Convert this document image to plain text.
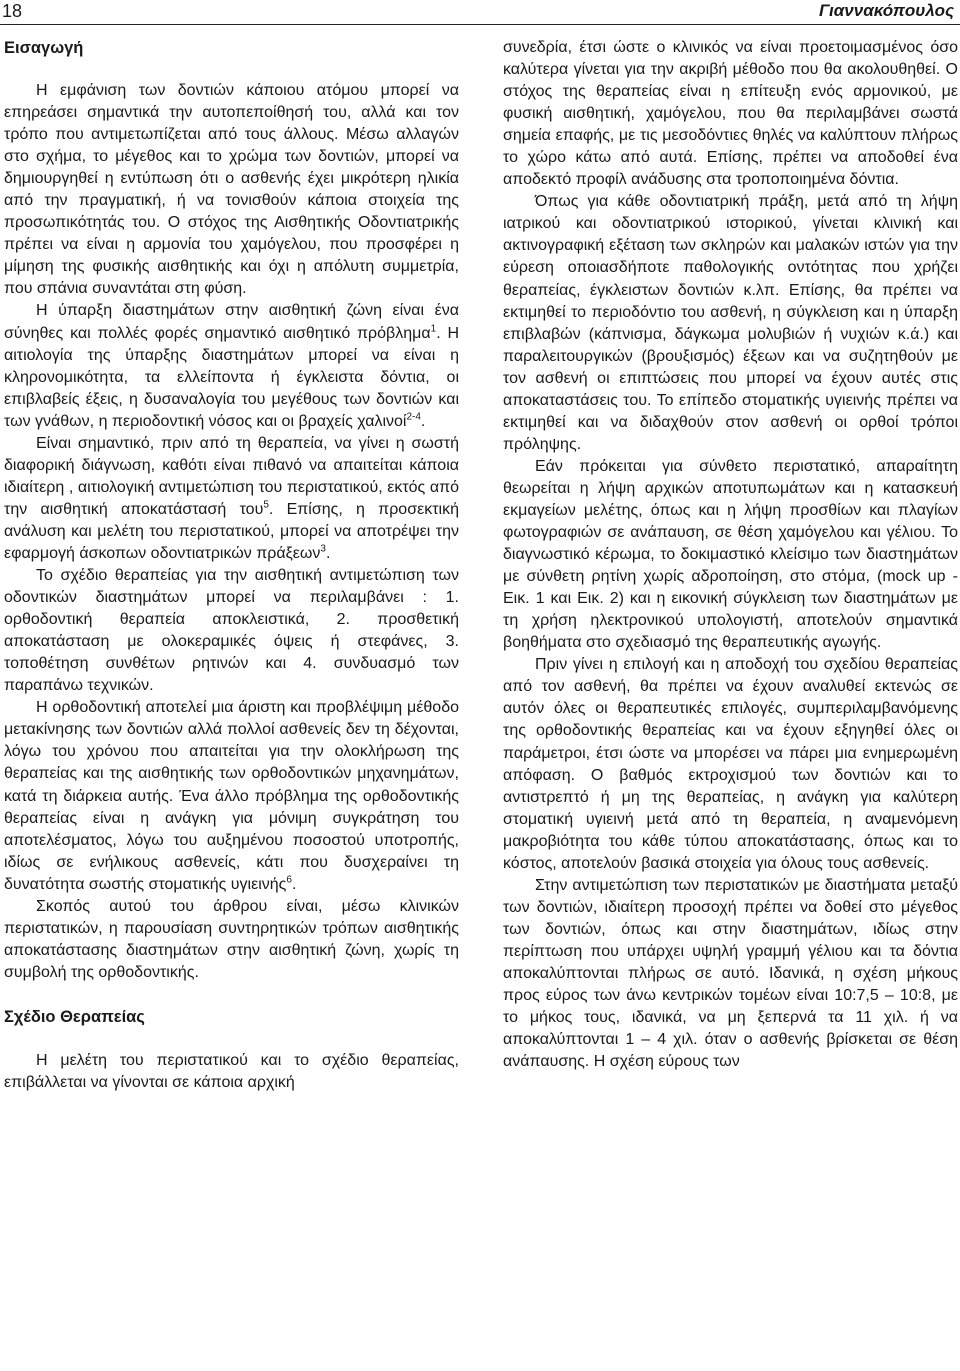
18	Γιαννακόπουλος
Εισαγωγή

Η εμφάνιση των δοντιών κάποιου ατόμου μπορεί να επηρεάσει σημαντικά την αυτοπεποίθησή του, αλλά και τον τρόπο που αντιμετωπίζεται από τους άλλους. Μέσω αλλαγών στο σχήμα, το μέγεθος και το χρώμα των δοντιών, μπορεί να δημιουργηθεί η εντύπωση ότι ο ασθενής έχει μικρότερη ηλικία από την πραγματική, ή να τονισθούν κάποια στοιχεία της προσωπικότητάς του. Ο στόχος της Αισθητικής Οδοντιατρικής πρέπει να είναι η αρμονία του χαμόγελου, που προσφέρει η μίμηση της φυσικής αισθητικής και όχι η απόλυτη συμμετρία, που σπάνια συναντάται στη φύση.

Η ύπαρξη διαστημάτων στην αισθητική ζώνη είναι ένα σύνηθες και πολλές φορές σημαντικό αισθητικό πρόβλημα$^1$. Η αιτιολογία της ύπαρξης διαστημάτων μπορεί να είναι η κληρονομικότητα, τα ελλείποντα ή έγκλειστα δόντια, οι επιβλαβείς έξεις, η δυσαναλογία του μεγέθους των δοντιών και των γνάθων, η περιοδοντική νόσος και οι βραχείς χαλινοί$^{2-4}$.

Είναι σημαντικό, πριν από τη θεραπεία, να γίνει η σωστή διαφορική διάγνωση, καθότι είναι πιθανό να απαιτείται κάποια ιδιαίτερη , αιτιολογική αντιμετώπιση του περιστατικού, εκτός από την αισθητική αποκατάστασή του$^5$. Επίσης, η προσεκτική ανάλυση και μελέτη του περιστατικού, μπορεί να αποτρέψει την εφαρμογή άσκοπων οδοντιατρικών πράξεων$^3$.

Το σχέδιο θεραπείας για την αισθητική αντιμετώπιση των οδοντικών διαστημάτων μπορεί να περιλαμβάνει : 1. ορθοδοντική θεραπεία αποκλειστικά, 2. προσθετική αποκατάσταση με ολοκεραμικές όψεις ή στεφάνες, 3. τοποθέτηση συνθέτων ρητινών και 4. συνδυασμό των παραπάνω τεχνικών.

Η ορθοδοντική αποτελεί μια άριστη και προβλέψιμη μέθοδο μετακίνησης των δοντιών αλλά πολλοί ασθενείς δεν τη δέχονται, λόγω του χρόνου που απαιτείται για την ολοκλήρωση της θεραπείας και της αισθητικής των ορθοδοντικών μηχανημάτων, κατά τη διάρκεια αυτής. Ένα άλλο πρόβλημα της ορθοδοντικής θεραπείας είναι η ανάγκη για μόνιμη συγκράτηση του αποτελέσματος, λόγω του αυξημένου ποσοστού υποτροπής, ιδίως σε ενήλικους ασθενείς, κάτι που δυσχεραίνει τη δυνατότητα σωστής στοματικής υγιεινής$^6$.

Σκοπός αυτού του άρθρου είναι, μέσω κλινικών περιστατικών, η παρουσίαση συντηρητικών τρόπων αισθητικής αποκατάστασης διαστημάτων στην αισθητική ζώνη, χωρίς τη συμβολή της ορθοδοντικής.

Σχέδιο Θεραπείας

Η μελέτη του περιστατικού και το σχέδιο θεραπείας, επιβάλλεται να γίνονται σε κάποια αρχική

συνεδρία, έτσι ώστε ο κλινικός να είναι προετοιμασμένος όσο καλύτερα γίνεται για την ακριβή μέθοδο που θα ακολουθηθεί. Ο στόχος της θεραπείας είναι η επίτευξη ενός αρμονικού, με φυσική αισθητική, χαμόγελου, που θα περιλαμβάνει σωστά σημεία επαφής, με τις μεσοδόντιες θηλές να καλύπτουν πλήρως το χώρο κάτω από αυτά. Επίσης, πρέπει να αποδοθεί ένα αποδεκτό προφίλ ανάδυσης στα τροποποιημένα δόντια.

Όπως για κάθε οδοντιατρική πράξη, μετά από τη λήψη ιατρικού και οδοντιατρικού ιστορικού, γίνεται κλινική και ακτινογραφική εξέταση των σκληρών και μαλακών ιστών για την εύρεση οποιασδήποτε παθολογικής οντότητας που χρήζει θεραπείας, έγκλειστων δοντιών κ.λπ. Επίσης, θα πρέπει να εκτιμηθεί το περιοδόντιο του ασθενή, η σύγκλειση και η ύπαρξη επιβλαβών (κάπνισμα, δάγκωμα μολυβιών ή νυχιών κ.ά.) και παραλειτουργικών (βρουξισμός) έξεων και να συζητηθούν με τον ασθενή οι επιπτώσεις που μπορεί να έχουν αυτές στις αποκαταστάσεις του. Το επίπεδο στοματικής υγιεινής πρέπει να εκτιμηθεί και να διδαχθούν στον ασθενή οι ορθοί τρόποι πρόληψης.

Εάν πρόκειται για σύνθετο περιστατικό, απαραίτητη θεωρείται η λήψη αρχικών αποτυπωμάτων και η κατασκευή εκμαγείων μελέτης, όπως και η λήψη προσθίων και πλαγίων φωτογραφιών σε ανάπαυση, σε θέση χαμόγελου και γέλιου. Το διαγνωστικό κέρωμα, το δοκιμαστικό κλείσιμο των διαστημάτων με σύνθετη ρητίνη χωρίς αδροποίηση, στο στόμα, (mock up - Εικ. 1 και Εικ. 2) και η εικονική σύγκλειση των διαστημάτων με τη χρήση ηλεκτρονικού υπολογιστή, αποτελούν σημαντικά βοηθήματα στο σχεδιασμό της θεραπευτικής αγωγής.

Πριν γίνει η επιλογή και η αποδοχή του σχεδίου θεραπείας από τον ασθενή, θα πρέπει να έχουν αναλυθεί εκτενώς σε αυτόν όλες οι θεραπευτικές επιλογές, συμπεριλαμβανόμενης της ορθοδοντικής θεραπείας και να έχουν εξηγηθεί όλες οι παράμετροι, έτσι ώστε να μπορέσει να πάρει μια ενημερωμένη απόφαση. Ο βαθμός εκτροχισμού των δοντιών και το αντιστρεπτό ή μη της θεραπείας, η ανάγκη για καλύτερη στοματική υγιεινή μετά από τη θεραπεία, η αναμενόμενη μακροβιότητα του κάθε τύπου αποκατάστασης, όπως και το κόστος, αποτελούν βασικά στοιχεία για όλους τους ασθενείς.

Στην αντιμετώπιση των περιστατικών με διαστήματα μεταξύ των δοντιών, ιδιαίτερη προσοχή πρέπει να δοθεί στο μέγεθος των δοντιών, όπως και στην διαστημάτων, ιδίως στην περίπτωση που υπάρχει υψηλή γραμμή γέλιου και τα δόντια αποκαλύπτονται πλήρως σε αυτό. Ιδανικά, η σχέση μήκους προς εύρος των άνω κεντρικών τομέων είναι 10:7,5 – 10:8, με το μήκος τους, ιδανικά, να μη ξεπερνά τα 11 χιλ. ή να αποκαλύπτονται 1 – 4 χιλ. όταν ο ασθενής βρίσκεται σε θέση ανάπαυσης. Η σχέση εύρους των
